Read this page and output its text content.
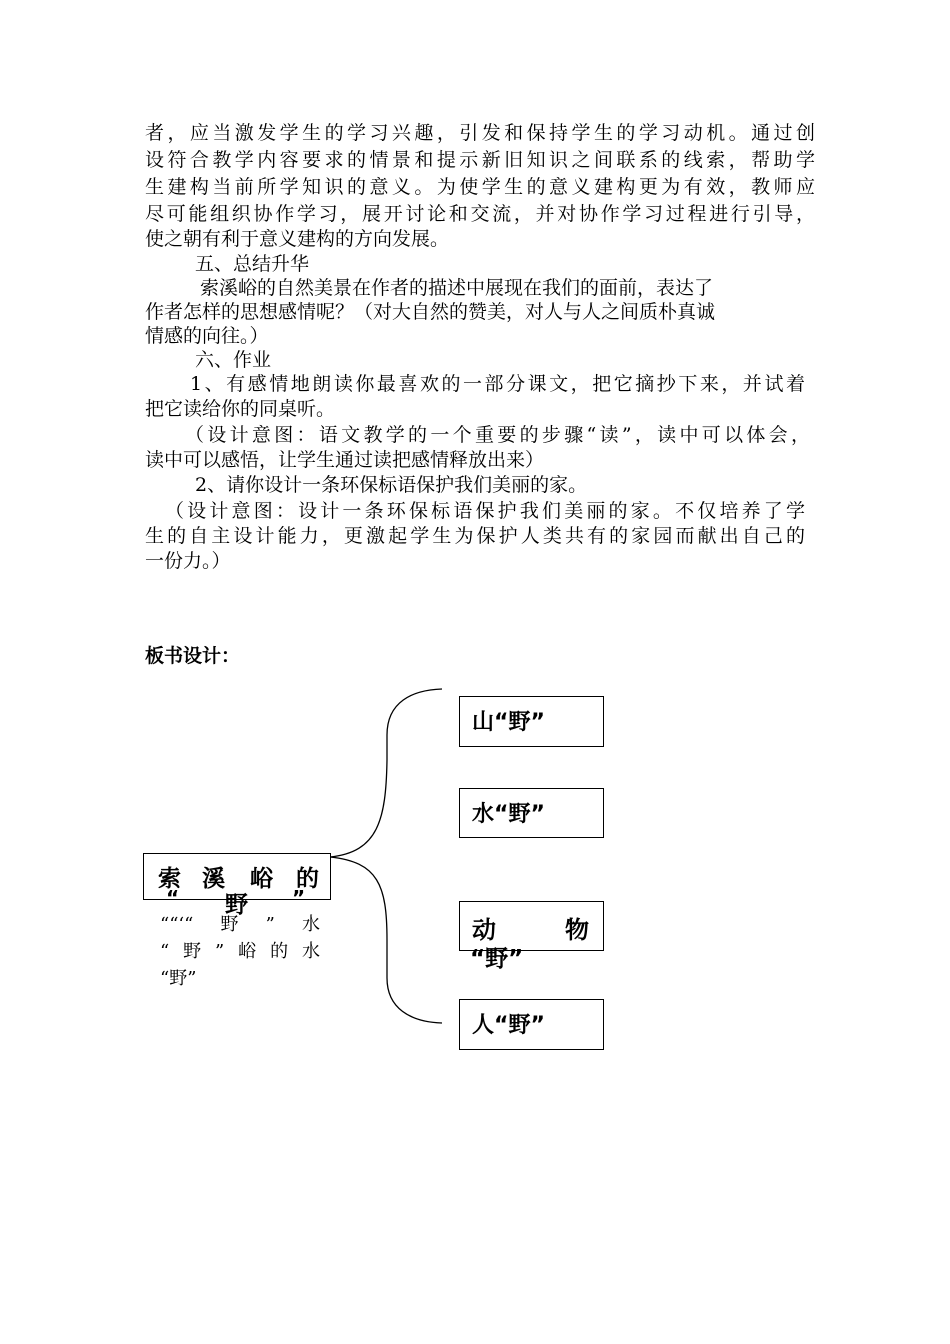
者，应当激发学生的学习兴趣，引发和保持学生的学习动机。通过创
设符合教学内容要求的情景和提示新旧知识之间联系的线索，帮助学
生建构当前所学知识的意义。为使学生的意义建构更为有效，教师应
尽可能组织协作学习，展开讨论和交流，并对协作学习过程进行引导，
使之朝有利于意义建构的方向发展。
五、总结升华
索溪峪的自然美景在作者的描述中展现在我们的面前，表达了
作者怎样的思想感情呢？（对大自然的赞美，对人与人之间质朴真诚
情感的向往。）
六、作业
1、有感情地朗读你最喜欢的一部分课文，把它摘抄下来，并试着
把它读给你的同桌听。
（设计意图：语文教学的一个重要的步骤“读”，读中可以体会，
读中可以感悟，让学生通过读把感情释放出来）
2、请你设计一条环保标语保护我们美丽的家。
（设计意图：设计一条环保标语保护我们美丽的家。不仅培养了学
生的自主设计能力，更激起学生为保护人类共有的家园而献出自己的
一份力。）
板书设计：
索 溪 峪 的
“ 野 ”
““‘“野”水
“野”峪的水
“野”
山“野”
水“野”
动	物
“野”
人“野”
